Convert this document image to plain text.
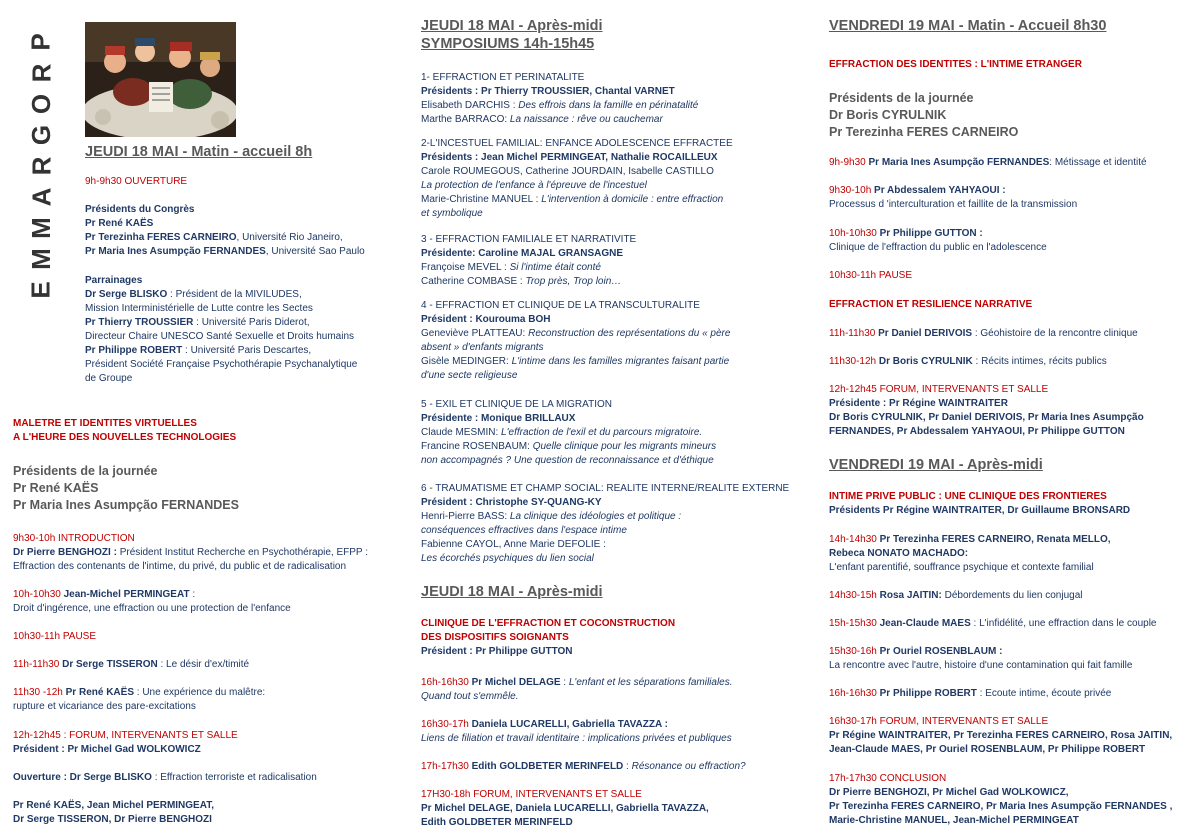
P
R
O
G
R
A
M
M
E
JEUDI 18 MAI - Matin - accueil 8h
9h-9h30 OUVERTURE
Présidents du Congrès
Pr René KAËS
Pr Terezinha FERES CARNEIRO, Université Rio Janeiro,
Pr Maria Ines Asumpção FERNANDES, Université Sao Paulo
Parrainages
Dr Serge BLISKO : Président de la MIVILUDES,
Mission Interministérielle de Lutte contre les Sectes
Pr Thierry TROUSSIER : Université Paris Diderot,
Directeur Chaire UNESCO Santé Sexuelle et Droits humains
Pr Philippe ROBERT : Université Paris Descartes,
Président Société Française Psychothérapie Psychanalytique
de Groupe
MALETRE ET IDENTITES VIRTUELLES
A L'HEURE DES NOUVELLES TECHNOLOGIES
Présidents de la journée
Pr René KAËS
Pr Maria Ines Asumpção FERNANDES
9h30-10h INTRODUCTION
Dr Pierre BENGHOZI : Président Institut Recherche en Psychothérapie, EFPP :
Effraction des contenants de l'intime, du privé, du public et de radicalisation
10h-10h30 Jean-Michel PERMINGEAT :
Droit d'ingérence, une effraction ou une protection de l'enfance
10h30-11h PAUSE
11h-11h30 Dr Serge TISSERON : Le désir d'ex/timité
11h30 -12h Pr René KAËS : Une expérience du malêtre:
rupture et vicariance des pare-excitations
12h-12h45 : FORUM, INTERVENANTS ET SALLE
Président : Pr Michel Gad WOLKOWICZ
Ouverture : Dr Serge BLISKO : Effraction terroriste et radicalisation
Pr René KAËS, Jean Michel PERMINGEAT,
Dr Serge TISSERON, Dr Pierre BENGHOZI
JEUDI 18 MAI - Après-midi
SYMPOSIUMS 14h-15h45
1- EFFRACTION ET PERINATALITE
Présidents : Pr Thierry TROUSSIER, Chantal VARNET
Elisabeth DARCHIS : Des effrois dans la famille en périnatalité
Marthe BARRACO: La naissance : rêve ou cauchemar
2-L'INCESTUEL FAMILIAL: ENFANCE ADOLESCENCE EFFRACTEE
Présidents : Jean Michel PERMINGEAT, Nathalie ROCAILLEUX
Carole ROUMEGOUS, Catherine JOURDAIN, Isabelle CASTILLO
La protection de l'enfance à l'épreuve de l'incestuel
Marie-Christine MANUEL : L'intervention à domicile : entre effraction
et symbolique
3 - EFFRACTION FAMILIALE ET NARRATIVITE
Présidente: Caroline MAJAL GRANSAGNE
Françoise MEVEL : Si l'intime était conté
Catherine COMBASE : Trop près, Trop loin…
4 - EFFRACTION ET CLINIQUE DE LA TRANSCULTURALITE
Président : Kourouma BOH
Geneviève PLATTEAU: Reconstruction des représentations du « père
absent » d'enfants migrants
Gisèle MEDINGER: L'intime dans les familles migrantes faisant partie
d'une secte religieuse
5 - EXIL ET CLINIQUE DE LA MIGRATION
Présidente : Monique BRILLAUX
Claude MESMIN: L'effraction de l'exil et du parcours migratoire.
Francine ROSENBAUM: Quelle clinique pour les migrants mineurs
non accompagnés ? Une question de reconnaissance et d'éthique
6 - TRAUMATISME ET CHAMP SOCIAL: REALITE INTERNE/REALITE EXTERNE
Président : Christophe SY-QUANG-KY
Henri-Pierre BASS: La clinique des idéologies et politique :
conséquences effractives dans l'espace intime
Fabienne CAYOL, Anne Marie DEFOLIE :
Les écorchés psychiques du lien social
JEUDI 18 MAI - Après-midi
CLINIQUE DE L'EFFRACTION ET COCONSTRUCTION
DES DISPOSITIFS SOIGNANTS
Président : Pr Philippe GUTTON
16h-16h30 Pr Michel DELAGE : L'enfant et les séparations familiales.
Quand tout s'emmêle.
16h30-17h Daniela LUCARELLI, Gabriella TAVAZZA :
Liens de filiation et travail identitaire : implications privées et publiques
17h-17h30 Edith GOLDBETER MERINFELD : Résonance ou effraction?
17H30-18h FORUM, INTERVENANTS ET SALLE
Pr Michel DELAGE, Daniela LUCARELLI, Gabriella TAVAZZA,
Edith GOLDBETER MERINFELD
VENDREDI 19 MAI - Matin - Accueil 8h30
EFFRACTION DES IDENTITES : L'INTIME ETRANGER
Présidents de la journée
Dr Boris CYRULNIK
Pr Terezinha FERES CARNEIRO
9h-9h30 Pr Maria Ines Asumpção FERNANDES: Métissage et identité
9h30-10h Pr Abdessalem YAHYAOUI :
Processus d 'interculturation et faillite de la transmission
10h-10h30 Pr Philippe GUTTON :
Clinique de l'effraction du public en l'adolescence
10h30-11h PAUSE
EFFRACTION ET RESILIENCE NARRATIVE
11h-11h30 Pr Daniel DERIVOIS : Géohistoire de la rencontre clinique
11h30-12h Dr Boris CYRULNIK : Récits intimes, récits publics
12h-12h45 FORUM, INTERVENANTS ET SALLE
Présidente : Pr Régine WAINTRAITER
Dr Boris CYRULNIK, Pr Daniel DERIVOIS, Pr Maria Ines Asumpção
FERNANDES, Pr Abdessalem YAHYAOUI, Pr Philippe GUTTON
VENDREDI 19 MAI - Après-midi
INTIME PRIVE PUBLIC : UNE CLINIQUE DES FRONTIERES
Présidents Pr Régine WAINTRAITER, Dr Guillaume BRONSARD
14h-14h30 Pr Terezinha FERES CARNEIRO, Renata MELLO,
Rebeca NONATO MACHADO:
L'enfant parentifié, souffrance psychique et contexte familial
14h30-15h Rosa JAITIN: Débordements du lien conjugal
15h-15h30 Jean-Claude MAES : L'infidélité, une effraction dans le couple
15h30-16h Pr Ouriel ROSENBLAUM :
La rencontre avec l'autre, histoire d'une contamination qui fait famille
16h-16h30 Pr Philippe ROBERT : Ecoute intime, écoute privée
16h30-17h FORUM, INTERVENANTS ET SALLE
Pr Régine WAINTRAITER, Pr Terezinha FERES CARNEIRO, Rosa JAITIN,
Jean-Claude MAES, Pr Ouriel ROSENBLAUM, Pr Philippe ROBERT
17h-17h30 CONCLUSION
Dr Pierre BENGHOZI, Pr Michel Gad WOLKOWICZ,
Pr Terezinha FERES CARNEIRO, Pr Maria Ines Asumpção FERNANDES ,
Marie-Christine MANUEL, Jean-Michel PERMINGEAT
